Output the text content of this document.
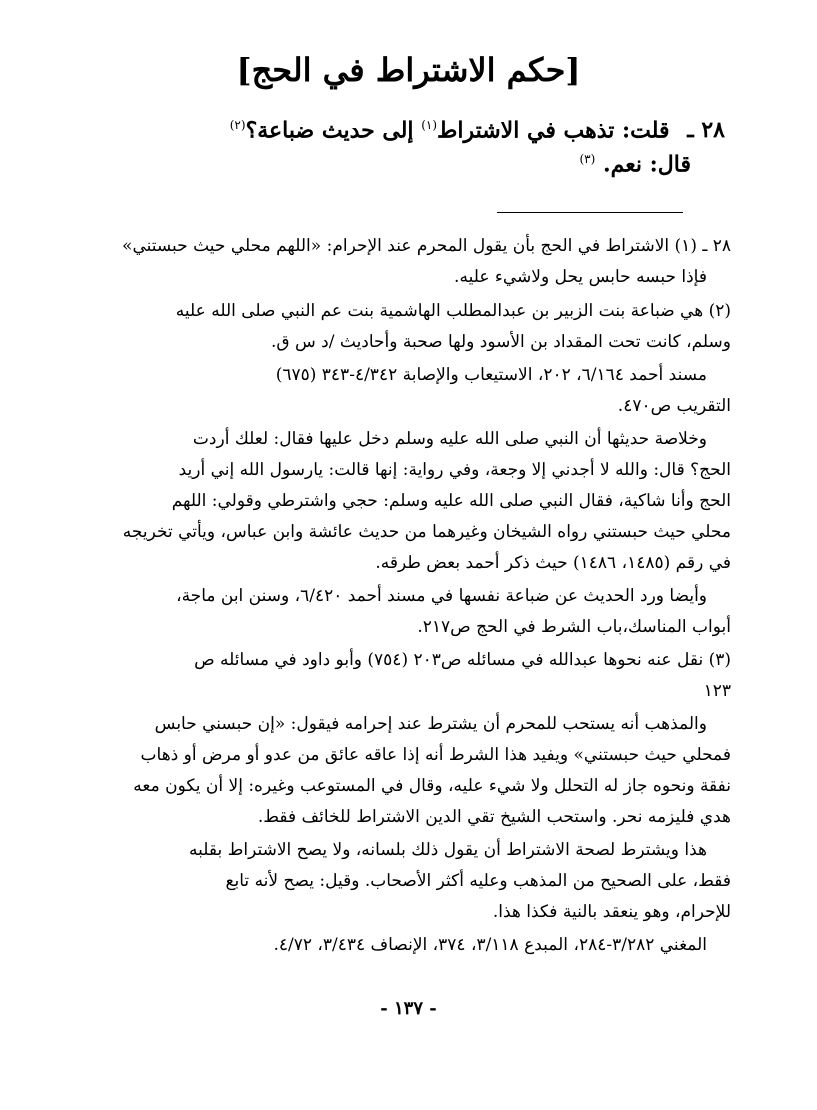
[حكم الاشتراط في الحج]
٢٨ ـ قلت: تذهب في الاشتراط$^{(١)}$ إلى حديث ضباعة؟$^{(٢)}$
قال: نعم. $^{(٣)}$
٢٨ ـ (١) الاشتراط في الحج بأن يقول المحرم عند الإحرام: «اللهم محلي حيث حبستني»
فإذا حبسه حابس يحل ولاشيء عليه.
(٢) هي ضباعة بنت الزبير بن عبدالمطلب الهاشمية بنت عم النبي صلى الله عليه
وسلم، كانت تحت المقداد بن الأسود ولها صحبة وأحاديث /د س ق.
مسند أحمد ٦/١٦٤، ٢٠٢، الاستيعاب والإصابة ٤/٣٤٢-٣٤٣ (٦٧٥)
التقريب ص٤٧٠.
وخلاصة حديثها أن النبي صلى الله عليه وسلم دخل عليها فقال: لعلك أردت
الحج؟ قال: والله لا أجدني إلا وجعة، وفي رواية: إنها قالت: يارسول الله إني أريد
الحج وأنا شاكية، فقال النبي صلى الله عليه وسلم: حجي واشترطي وقولي: اللهم
محلي حيث حبستني رواه الشيخان وغيرهما من حديث عائشة وابن عباس، ويأتي تخريجه
في رقم (١٤٨٥، ١٤٨٦) حيث ذكر أحمد بعض طرقه.
وأيضا ورد الحديث عن ضباعة نفسها في مسند أحمد ٦/٤٢٠، وسنن ابن ماجة،
أبواب المناسك،باب الشرط في الحج ص٢١٧.
(٣) نقل عنه نحوها عبدالله في مسائله ص٢٠٣ (٧٥٤) وأبو داود في مسائله ص
١٢٣
والمذهب أنه يستحب للمحرم أن يشترط عند إحرامه فيقول: «إن حبسني حابس
فمحلي حيث حبستني» ويفيد هذا الشرط أنه إذا عاقه عائق من عدو أو مرض أو ذهاب
نفقة ونحوه جاز له التحلل ولا شيء عليه، وقال في المستوعب وغيره: إلا أن يكون معه
هدي فليزمه نحر. واستحب الشيخ تقي الدين الاشتراط للخائف فقط.
هذا ويشترط لصحة الاشتراط أن يقول ذلك بلسانه، ولا يصح الاشتراط بقلبه
فقط، على الصحيح من المذهب وعليه أكثر الأصحاب. وقيل: يصح لأنه تابع
للإحرام، وهو ينعقد بالنية فكذا هذا.
المغني ٣/٢٨٢-٢٨٤، المبدع ٣/١١٨، ٣٧٤، الإنصاف ٣/٤٣٤، ٤/٧٢.
- ١٣٧ -
